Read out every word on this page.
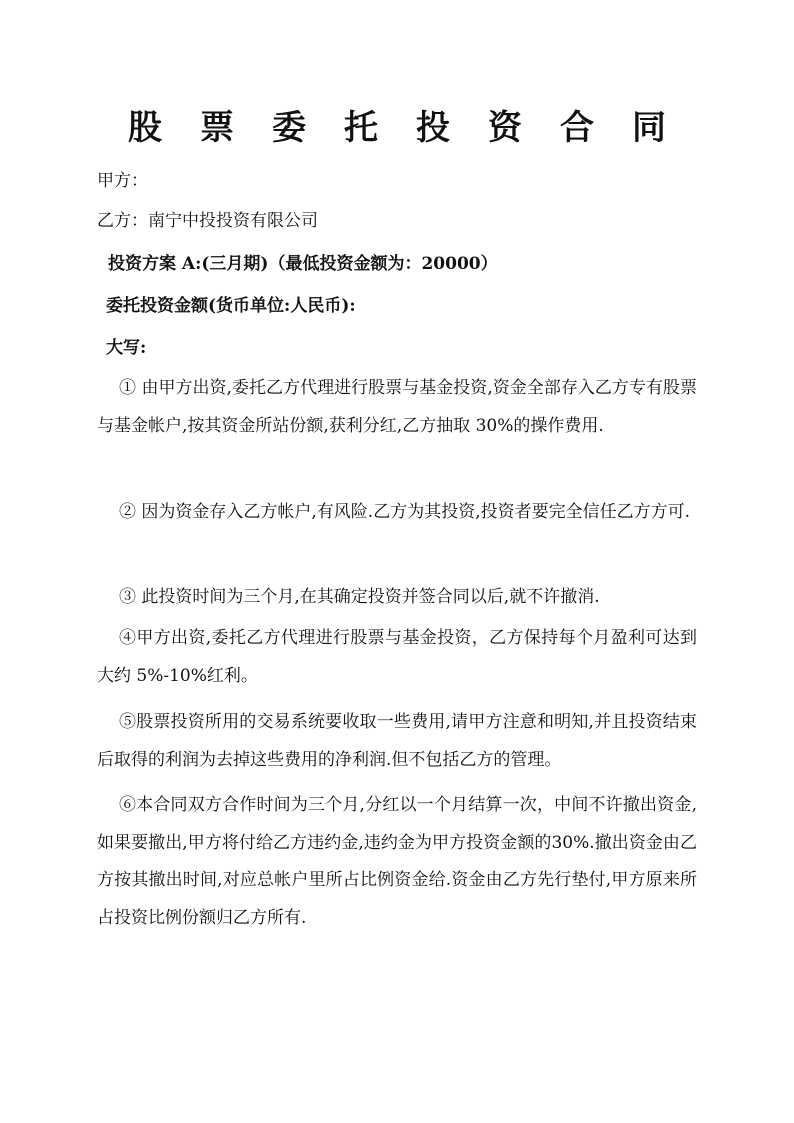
股票委托投资合同
甲方：
乙方：南宁中投投资有限公司
投资方案 A:(三月期)（最低投资金额为：20000）
委托投资金额(货币单位:人民币):
大写:

① 由甲方出资,委托乙方代理进行股票与基金投资,资金全部存入乙方专有股票与基金帐户,按其资金所站份额,获利分红,乙方抽取 30%的操作费用.

② 因为资金存入乙方帐户,有风险.乙方为其投资,投资者要完全信任乙方方可.

③ 此投资时间为三个月,在其确定投资并签合同以后,就不许撤消.

④甲方出资,委托乙方代理进行股票与基金投资，乙方保持每个月盈利可达到大约 5%-10%红利。

⑤股票投资所用的交易系统要收取一些费用,请甲方注意和明知,并且投资结束后取得的利润为去掉这些费用的净利润.但不包括乙方的管理。

⑥本合同双方合作时间为三个月,分红以一个月结算一次，中间不许撤出资金,如果要撤出,甲方将付给乙方违约金,违约金为甲方投资金额的30%.撤出资金由乙方按其撤出时间,对应总帐户里所占比例资金给.资金由乙方先行垫付,甲方原来所占投资比例份额归乙方所有.
